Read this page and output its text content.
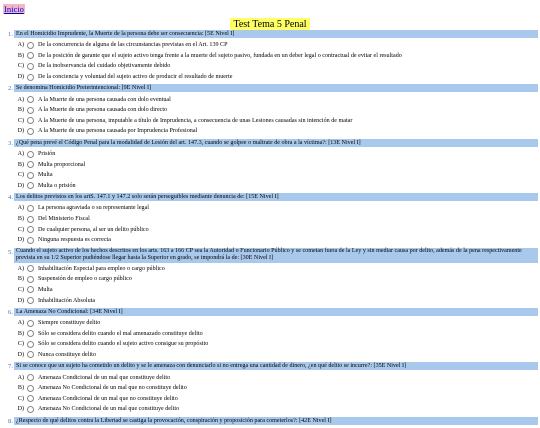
Inicio
Test Tema 5 Penal
1. En el Homicidio Imprudente, la Muerte de la persona debe ser consecuencia: [5E Nivel I]
A)	De la concurrencia de alguna de las circunstancias previstas en el Art. 139 CP
B)	De la posición de garante que el sujeto activo tenga frente a la muerte del sujeto pasivo, fundada en un deber legal o contractual de evitar el resultado
C)	De la inobservancia del cuidado objetivamente debido
D)	De la conciencia y voluntad del sujeto activo de producir el resultado de muerte
2. Se denomina Homicidio Preterintencional: [9E Nivel I]
A)	A la Muerte de una persona causada con dolo eventual
B)	A la Muerte de una persona causada con dolo directo
C)	A la Muerte de una persona, imputable a título de Imprudencia, a consecuencia de unas Lesiones causadas sin intención de matar
D)	A la Muerte de una persona causada por Imprudencia Profesional
3. ¿Qué pena prevé el Código Penal para la modalidad de Lesión del art. 147.3, cuando se golpee o maltrate de obra a la víctima?: [13E Nivel I]
A)	Prisión
B)	Multa proporcional
C)	Multa
D)	Multa o prisión
4. Los delitos previstos en los artS. 147.1 y 147.2 solo serán perseguibles mediante denuncia de: [15E Nivel I]
A)	La persona agraviada o su representante legal
B)	Del Ministerio Fiscal
C)	De cualquier persona, al ser un delito público
D)	Ninguna respuesta es correcta
5. Cuando el sujeto activo de los hechos descritos en los arts. 163 a 166 CP sea la Autoridad o Funcionario Público y se cometan fuera de la Ley y sin mediar causa por delito, además de la pena respectivamente prevista en su 1/2 Superior pudiéndose llegar hasta la Superior en grado, se impondrá la de: [30E Nivel I]
A)	Inhabilitación Especial para empleo o cargo público
B)	Suspensión de empleo o cargo público
C)	Multa
D)	Inhabilitación Absoluta
6. La Amenaza No Condicional: [34E Nivel I]
A)	Siempre constituye delito
B)	Sólo se considera delito cuando el mal amenazado constituye delito
C)	Sólo se considera delito cuando el sujeto activo consigue su propósito
D)	Nunca constituye delito
7. Si se conoce que un sujeto ha cometido un delito y se le amenaza con denunciarlo si no entrega una cantidad de dinero, ¿en qué delito se incurre?: [35E Nivel I]
A)	Amenaza Condicional de un mal que constituye delito
B)	Amenaza No Condicional de un mal que no constituye delito
C)	Amenaza Condicional de un mal que no constituye delito
D)	Amenaza No Condicional de un mal que constituye delito
8. ¿Respecto de qué delitos contra la Libertad se castiga la provocación, conspiración y proposición para cometerlos?: [42E Nivel I]
